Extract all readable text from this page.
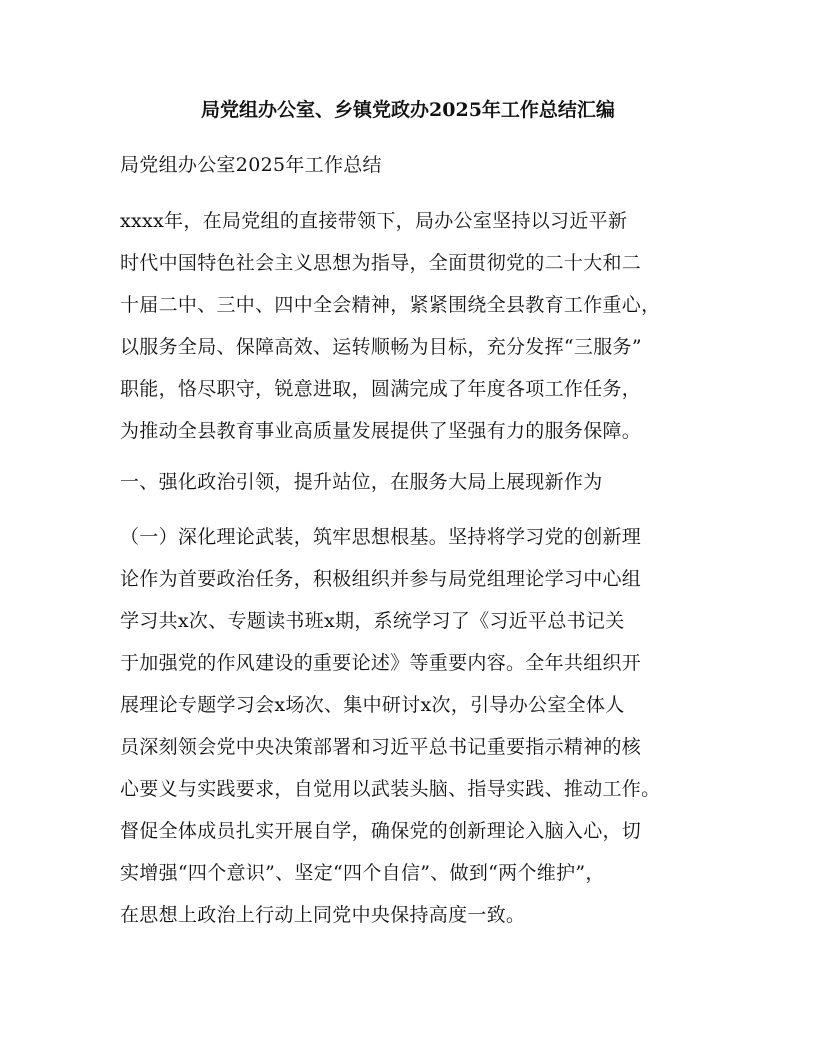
局党组办公室、乡镇党政办2025年工作总结汇编
局党组办公室2025年工作总结
xxxx年，在局党组的直接带领下，局办公室坚持以习近平新
时代中国特色社会主义思想为指导，全面贯彻党的二十大和二
十届二中、三中、四中全会精神，紧紧围绕全县教育工作重心，
以服务全局、保障高效、运转顺畅为目标，充分发挥“三服务”
职能，恪尽职守，锐意进取，圆满完成了年度各项工作任务，
为推动全县教育事业高质量发展提供了坚强有力的服务保障。
一、强化政治引领，提升站位，在服务大局上展现新作为
（一）深化理论武装，筑牢思想根基。坚持将学习党的创新理
论作为首要政治任务，积极组织并参与局党组理论学习中心组
学习共x次、专题读书班x期，系统学习了《习近平总书记关
于加强党的作风建设的重要论述》等重要内容。全年共组织开
展理论专题学习会x场次、集中研讨x次，引导办公室全体人
员深刻领会党中央决策部署和习近平总书记重要指示精神的核
心要义与实践要求，自觉用以武装头脑、指导实践、推动工作。
督促全体成员扎实开展自学，确保党的创新理论入脑入心，切
实增强“四个意识”、坚定“四个自信”、做到“两个维护”，
在思想上政治上行动上同党中央保持高度一致。
